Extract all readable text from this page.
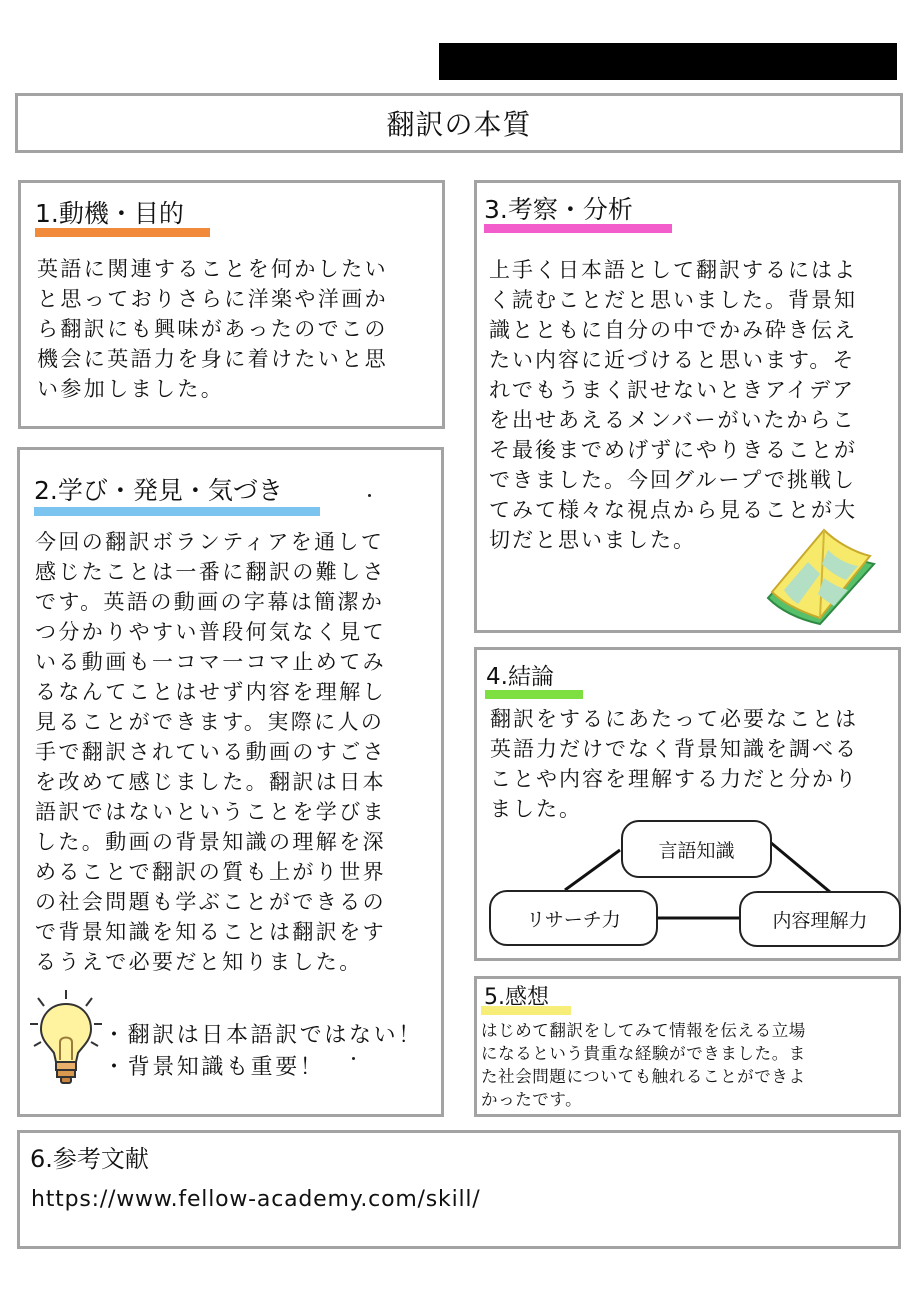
翻訳の本質
1.動機・目的
英語に関連することを何かしたい
と思っておりさらに洋楽や洋画か
ら翻訳にも興味があったのでこの
機会に英語力を身に着けたいと思
い参加しました。
2.学び・発見・気づき
今回の翻訳ボランティアを通して
感じたことは一番に翻訳の難しさ
です。英語の動画の字幕は簡潔か
つ分かりやすい普段何気なく見て
いる動画も一コマ一コマ止めてみ
るなんてことはせず内容を理解し
見ることができます。実際に人の
手で翻訳されている動画のすごさ
を改めて感じました。翻訳は日本
語訳ではないということを学びま
した。動画の背景知識の理解を深
めることで翻訳の質も上がり世界
の社会問題も学ぶことができるの
で背景知識を知ることは翻訳をす
るうえで必要だと知りました。
・翻訳は日本語訳ではない！
・背景知識も重要！
3.考察・分析
上手く日本語として翻訳するにはよ
く読むことだと思いました。背景知
識とともに自分の中でかみ砕き伝え
たい内容に近づけると思います。そ
れでもうまく訳せないときアイデア
を出せあえるメンバーがいたからこ
そ最後までめげずにやりきることが
できました。今回グループで挑戦し
てみて様々な視点から見ることが大
切だと思いました。
4.結論
翻訳をするにあたって必要なことは
英語力だけでなく背景知識を調べる
ことや内容を理解する力だと分かり
ました。
言語知識
リサーチ力	内容理解力
5.感想
はじめて翻訳をしてみて情報を伝える立場
になるという貴重な経験ができました。ま
た社会問題についても触れることができよ
かったです。
6.参考文献
https://www.fellow-academy.com/skill/
